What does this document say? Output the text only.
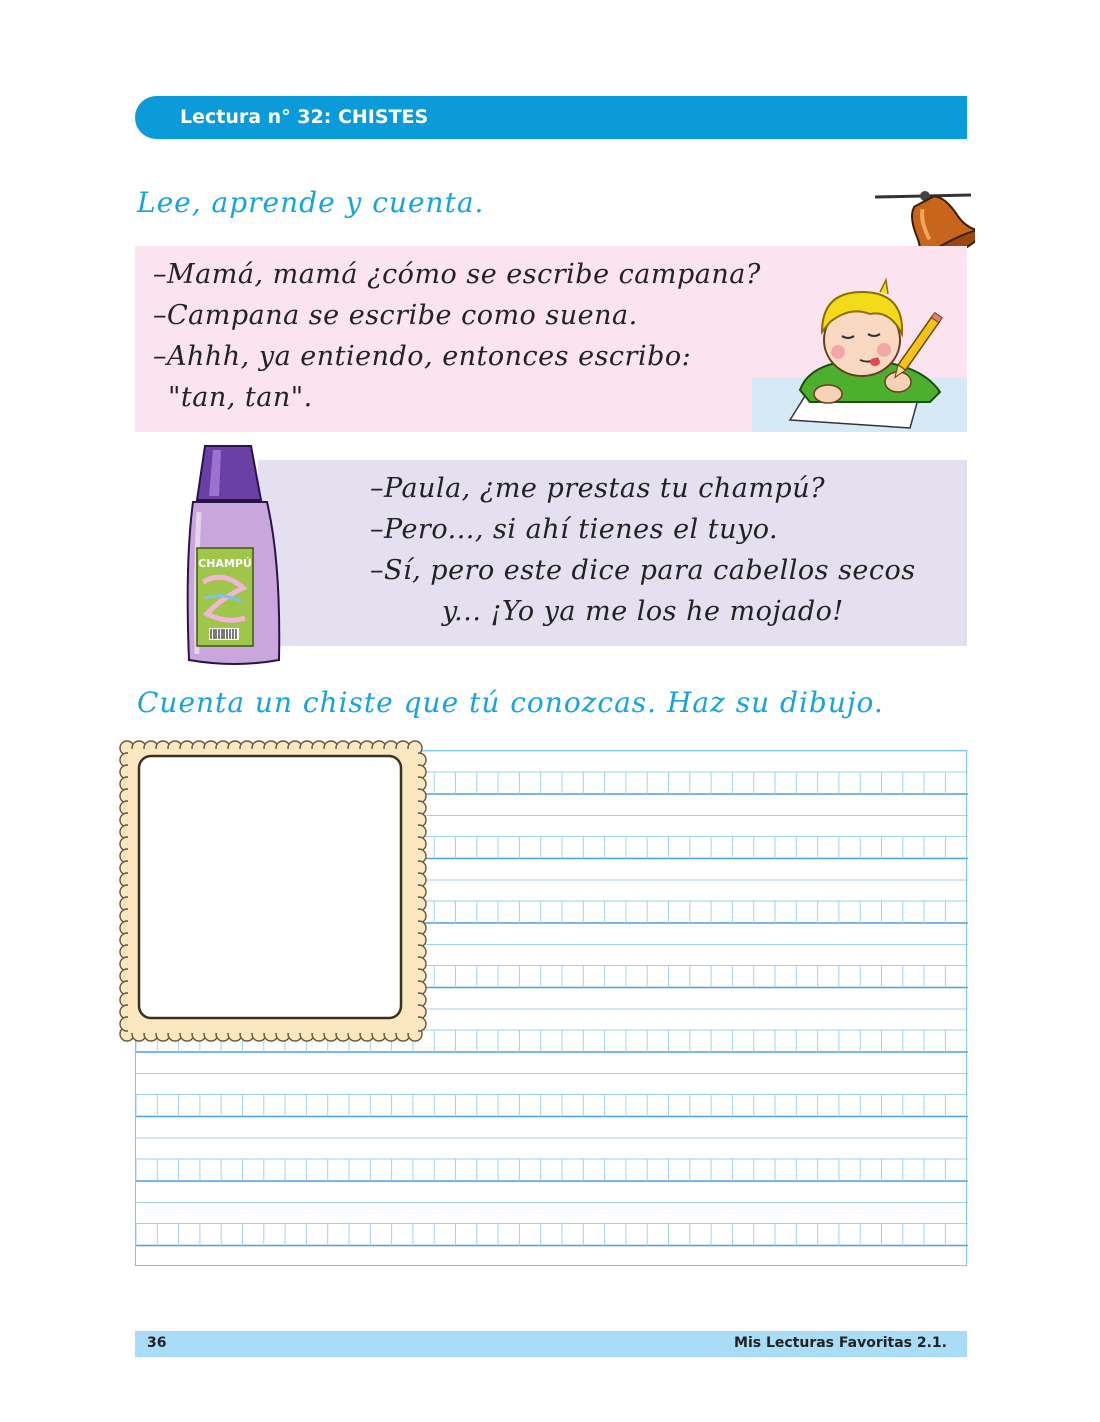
Lectura n° 32: CHISTES
Lee, aprende y cuenta.
–Mamá, mamá ¿cómo se escribe campana?
–Campana se escribe como suena.
–Ahhh, ya entiendo, entonces escribo:
"tan, tan".
–Paula, ¿me prestas tu champú?
–Pero..., si ahí tienes el tuyo.
–Sí, pero este dice para cabellos secos
y... ¡Yo ya me los he mojado!
CHAMPÚ
Cuenta un chiste que tú conozcas. Haz su dibujo.
36	Mis Lecturas Favoritas 2.1.
